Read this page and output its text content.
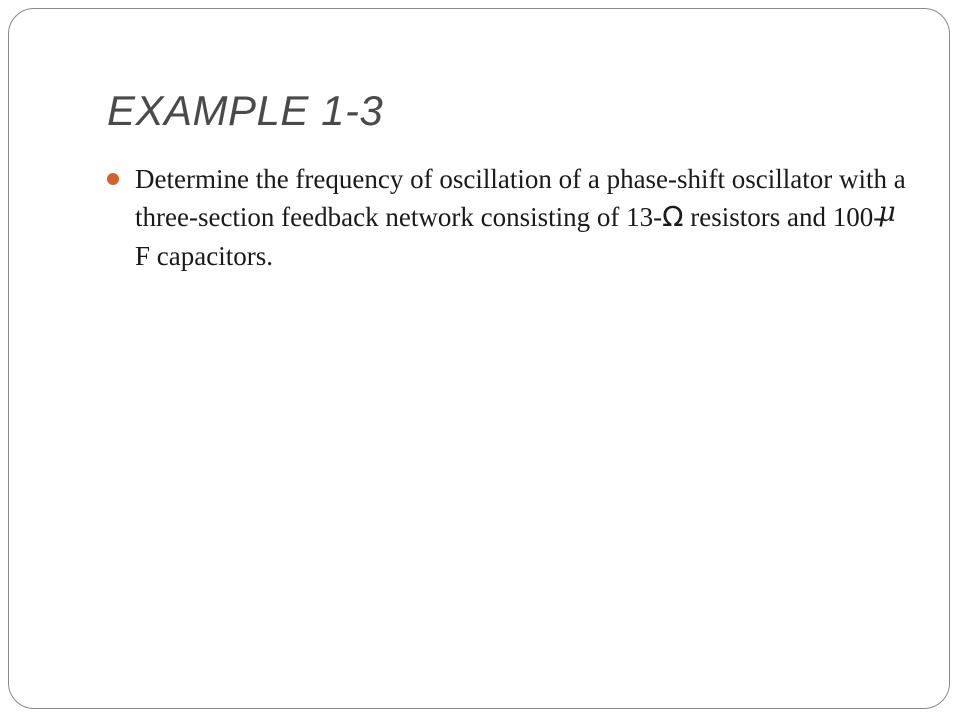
EXAMPLE 1-3
Determine the frequency of oscillation of a phase-shift oscillator with a three-section feedback network consisting of 13-Ω resistors and 100-μ F capacitors.
